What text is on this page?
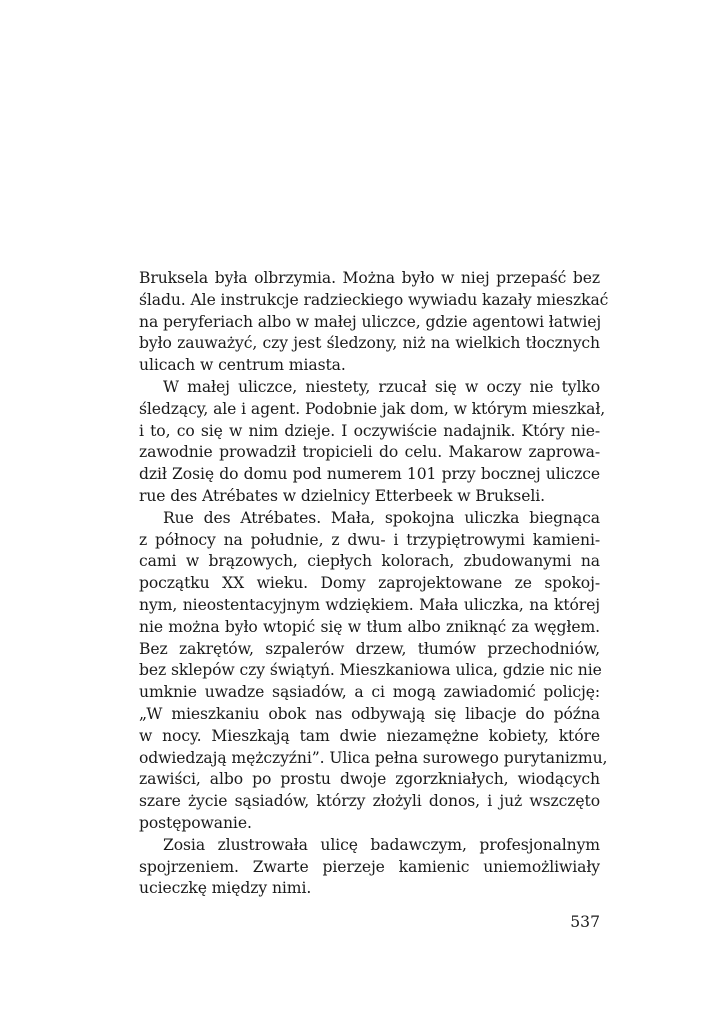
Bruksela była olbrzymia. Można było w niej przepaść bez
śladu. Ale instrukcje radzieckiego wywiadu kazały mieszkać
na peryferiach albo w małej uliczce, gdzie agentowi łatwiej
było zauważyć, czy jest śledzony, niż na wielkich tłocznych
ulicach w centrum miasta.
W małej uliczce, niestety, rzucał się w oczy nie tylko
śledzący, ale i agent. Podobnie jak dom, w którym mieszkał,
i to, co się w nim dzieje. I oczywiście nadajnik. Który nie-
zawodnie prowadził tropicieli do celu. Makarow zaprowa-
dził Zosię do domu pod numerem 101 przy bocznej uliczce
rue des Atrébates w dzielnicy Etterbeek w Brukseli.
Rue des Atrébates. Mała, spokojna uliczka biegnąca
z północy na południe, z dwu- i trzypiętrowymi kamieni-
cami w brązowych, ciepłych kolorach, zbudowanymi na
początku XX wieku. Domy zaprojektowane ze spokoj-
nym, nieostentacyjnym wdziękiem. Mała uliczka, na której
nie można było wtopić się w tłum albo zniknąć za węgłem.
Bez zakrętów, szpalerów drzew, tłumów przechodniów,
bez sklepów czy świątyń. Mieszkaniowa ulica, gdzie nic nie
umknie uwadze sąsiadów, a ci mogą zawiadomić policję:
„W mieszkaniu obok nas odbywają się libacje do późna
w nocy. Mieszkają tam dwie niezamężne kobiety, które
odwiedzają mężczyźni”. Ulica pełna surowego purytanizmu,
zawiści, albo po prostu dwoje zgorzkniałych, wiodących
szare życie sąsiadów, którzy złożyli donos, i już wszczęto
postępowanie.
Zosia zlustrowała ulicę badawczym, profesjonalnym
spojrzeniem. Zwarte pierzeje kamienic uniemożliwiały
ucieczkę między nimi.
537
